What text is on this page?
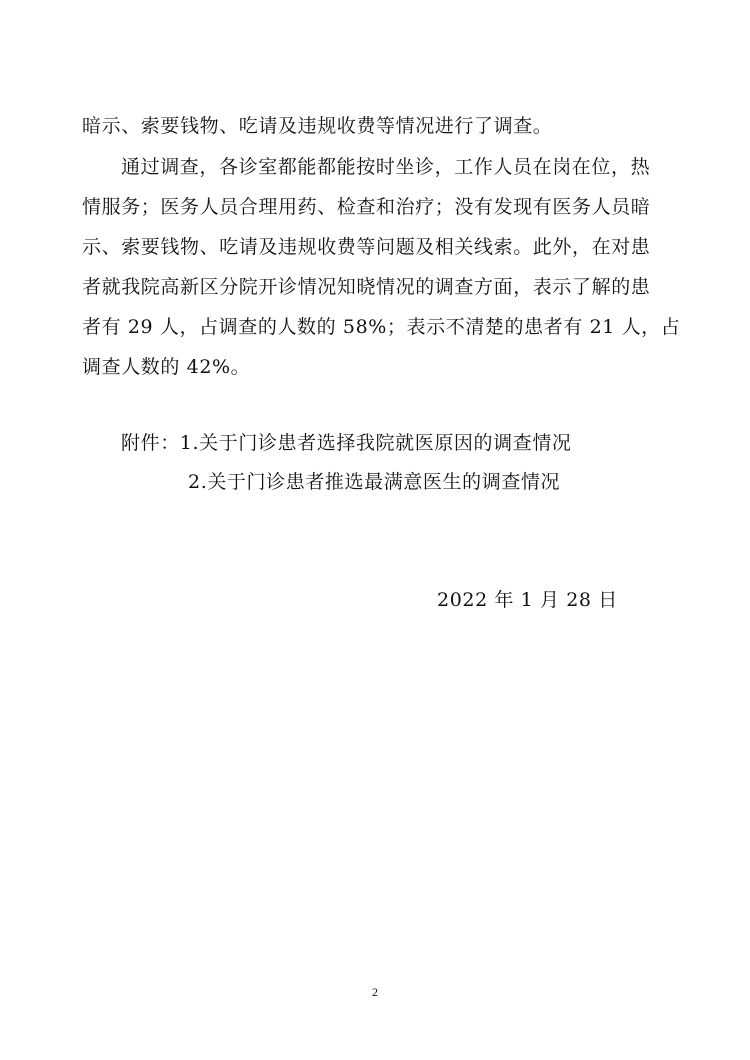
暗示、索要钱物、吃请及违规收费等情况进行了调查。
通过调查，各诊室都能都能按时坐诊，工作人员在岗在位，热
情服务；医务人员合理用药、检查和治疗；没有发现有医务人员暗
示、索要钱物、吃请及违规收费等问题及相关线索。此外，在对患
者就我院高新区分院开诊情况知晓情况的调查方面，表示了解的患
者有 29 人，占调查的人数的 58%；表示不清楚的患者有 21 人，占
调查人数的 42%。
附件：1.关于门诊患者选择我院就医原因的调查情况
2.关于门诊患者推选最满意医生的调查情况
2022 年 1 月 28 日
2
